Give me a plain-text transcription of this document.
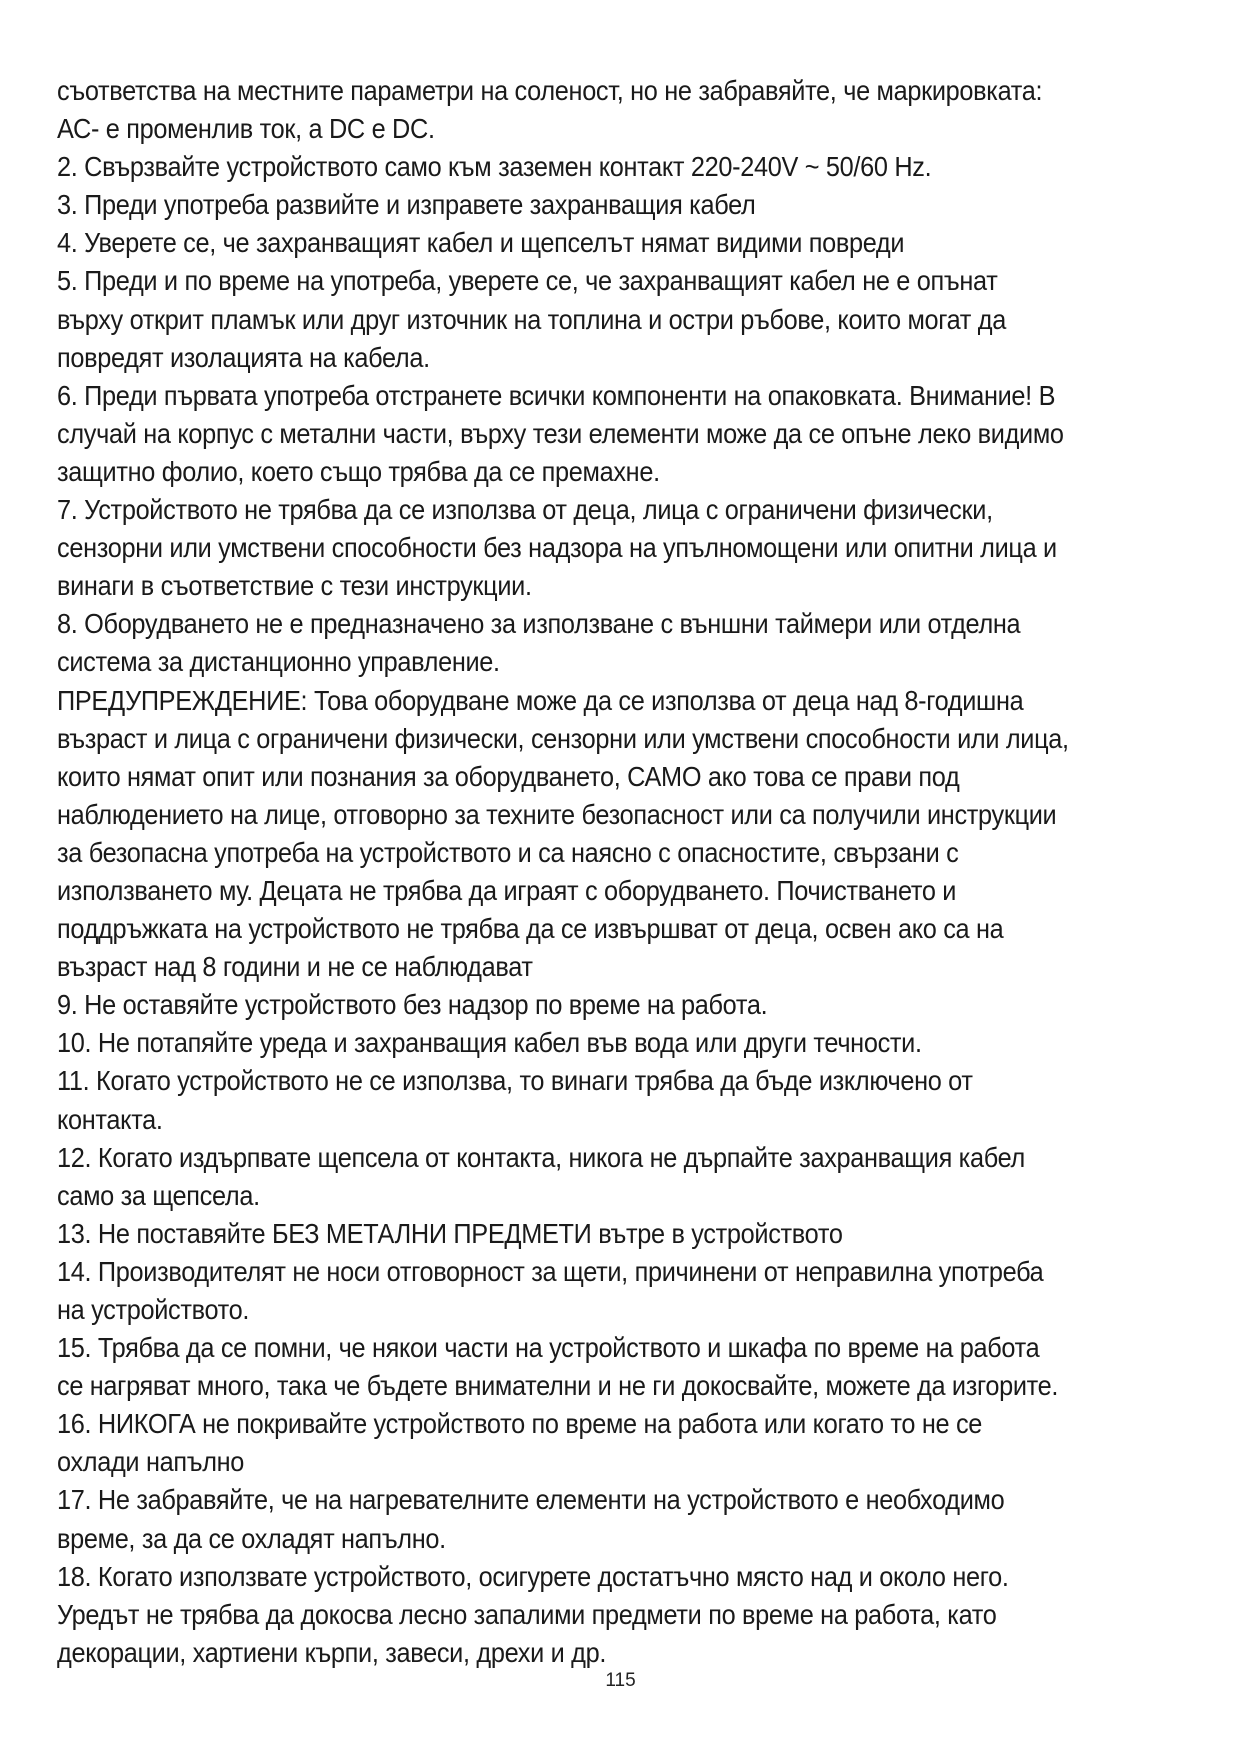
съответства на местните параметри на соленост, но не забравяйте, че маркировката:
АС- е променлив ток, а DC е DC.

2. Свързвайте устройството само към заземен контакт 220-240V ~ 50/60 Hz.

3. Преди употреба развийте и изправете захранващия кабел

4. Уверете се, че захранващият кабел и щепселът нямат видими повреди

5. Преди и по време на употреба, уверете се, че захранващият кабел не е опънат
върху открит пламък или друг източник на топлина и остри ръбове, които могат да
повредят изолацията на кабела.

6. Преди първата употреба отстранете всички компоненти на опаковката. Внимание! В
случай на корпус с метални части, върху тези елементи може да се опъне леко видимо
защитно фолио, което също трябва да се премахне.

7. Устройството не трябва да се използва от деца, лица с ограничени физически,
сензорни или умствени способности без надзора на упълномощени или опитни лица и
винаги в съответствие с тези инструкции.

8. Оборудването не е предназначено за използване с външни таймери или отделна
система за дистанционно управление.

ПРЕДУПРЕЖДЕНИЕ: Това оборудване може да се използва от деца над 8-годишна
възраст и лица с ограничени физически, сензорни или умствени способности или лица,
които нямат опит или познания за оборудването, САМО ако това се прави под
наблюдението на лице, отговорно за техните безопасност или са получили инструкции
за безопасна употреба на устройството и са наясно с опасностите, свързани с
използването му. Децата не трябва да играят с оборудването. Почистването и
поддръжката на устройството не трябва да се извършват от деца, освен ако са на
възраст над 8 години и не се наблюдават

9. Не оставяйте устройството без надзор по време на работа.

10. Не потапяйте уреда и захранващия кабел във вода или други течности.

11. Когато устройството не се използва, то винаги трябва да бъде изключено от
контакта.

12. Когато издърпвате щепсела от контакта, никога не дърпайте захранващия кабел
само за щепсела.

13. Не поставяйте БЕЗ МЕТАЛНИ ПРЕДМЕТИ вътре в устройството

14. Производителят не носи отговорност за щети, причинени от неправилна употреба
на устройството.

15. Трябва да се помни, че някои части на устройството и шкафа по време на работа
се нагряват много, така че бъдете внимателни и не ги докосвайте, можете да изгорите.

16. НИКОГА не покривайте устройството по време на работа или когато то не се
охлади напълно

17. Не забравяйте, че на нагревателните елементи на устройството е необходимо
време, за да се охладят напълно.

18. Когато използвате устройството, осигурете достатъчно място над и около него.
Уредът не трябва да докосва лесно запалими предмети по време на работа, като
декорации, хартиени кърпи, завеси, дрехи и др.

115
